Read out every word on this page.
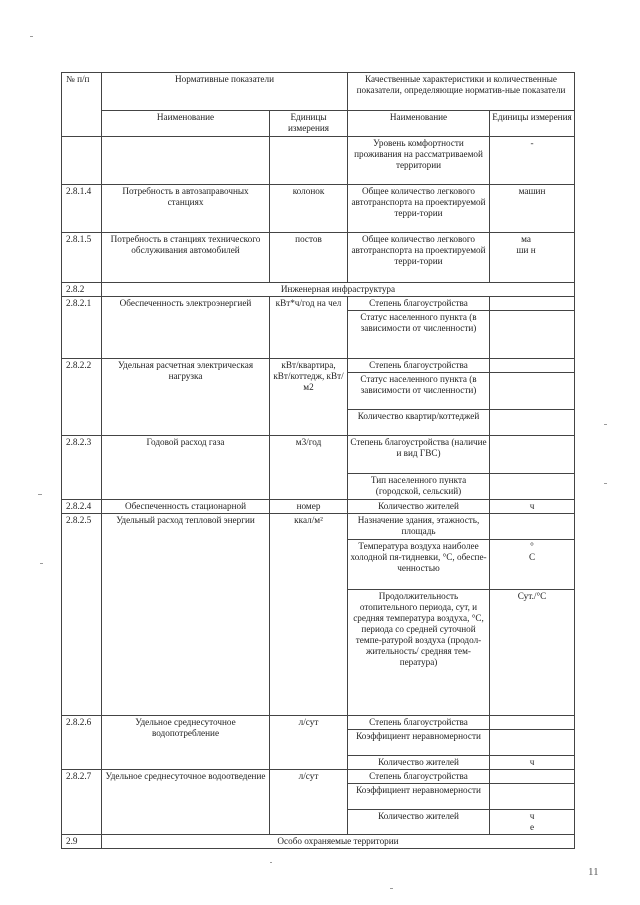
№ п/п	Нормативные показатели		Качественные характеристики и количественные показатели, определяющие норматив-ные показатели	
	Наименование	Единицы измерения	Наименование	Единицы измерения
			Уровень комфортности проживания на рассматриваемой территории	-
2.8.1.4	Потребность в автозаправочных станциях	колонок	Общее количество легкового автотранспорта на проектируемой терри-тории	машин
2.8.1.5	Потребность в станциях технического обслуживания автомобилей	постов	Общее количество легкового автотранспорта на проектируемой терри-тории	ма ши н
2.8.2	Инженерная инфраструктура			
2.8.2.1	Обеспеченность электроэнергией	кВт*ч/год на чел	Степень благоустройства	
			Статус населенного пункта (в зависимости от численности)	
2.8.2.2	Удельная расчетная электрическая нагрузка	кВт/квартира, кВт/коттедж, кВт/м2	Степень благоустройства	
			Статус населенного пункта (в зависимости от численности)	
			Количество квартир/коттеджей	
2.8.2.3	Годовой расход газа	м3/год	Степень благоустройства (наличие и вид ГВС)	
			Тип населенного пункта (городской, сельский)	
2.8.2.4	Обеспеченность стационарной	номер	Количество жителей	ч
2.8.2.5	Удельный расход тепловой энергии	ккал/м²	Назначение здания, этажность, площадь	
			Температура воздуха наиболее холодной пя-тидневки, °С, обеспе-ченностью	° С
			Продолжительность отопительного периода, сут, и средняя температура воздуха, °С, периода со средней суточной темпе-ратурой воздуха (продол-жительность/ средняя тем-пература)	Сут./°С
2.8.2.6	Удельное среднесуточное водопотребление	л/сут	Степень благоустройства	
			Коэффициент неравномерности	
			Количество жителей	ч
2.8.2.7	Удельное среднесуточное водоотведение	л/сут	Степень благоустройства	
			Коэффициент неравномерности	
			Количество жителей	ч е
2.9	Особо охраняемые территории			
11
